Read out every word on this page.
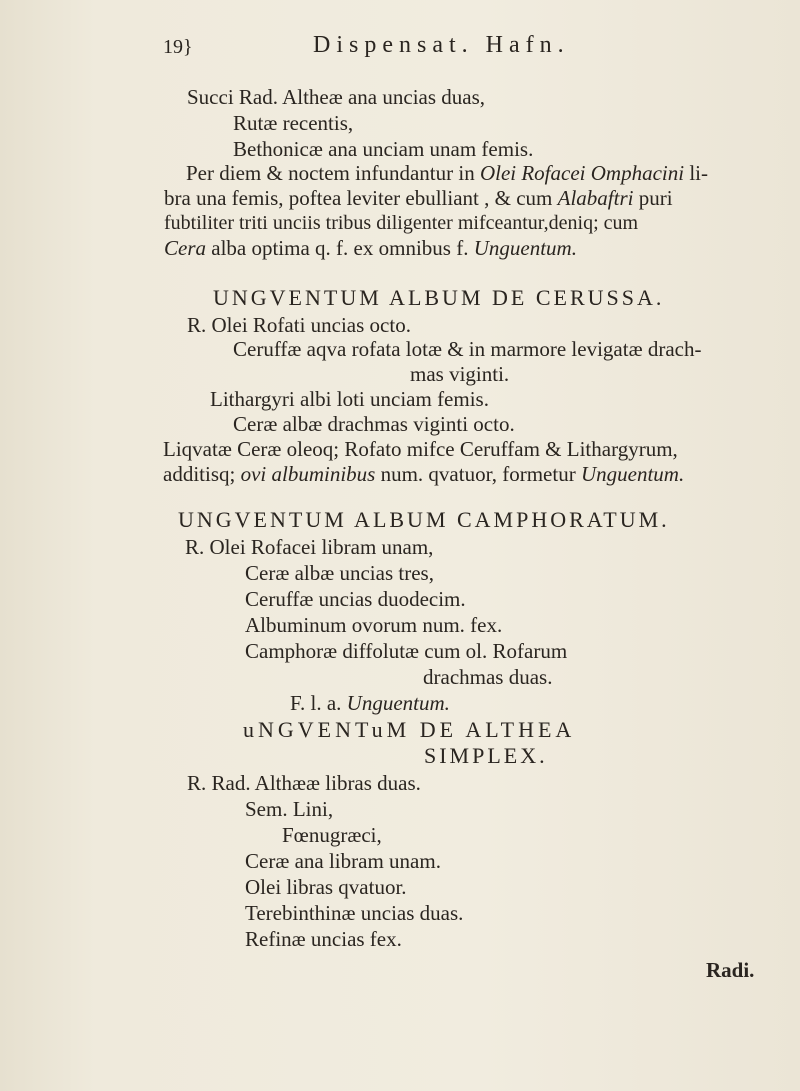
19}	Dispensat. Hafn.
Succi Rad. Altheæ ana uncias duas,
Rutæ recentis,
Bethonicæ ana unciam unam femis.
Per diem & noctem infundantur in Olei Rofacei Omphacini li-
bra una femis, poftea leviter ebulliant , & cum Alabaftri puri
fubtiliter triti unciis tribus diligenter mifceantur,deniq; cum
Cera alba optima q. f. ex omnibus f. Unguentum.
UNGVENTUM ALBUM DE CERUSSA.
R. Olei Rofati uncias octo.
Ceruffæ aqva rofata lotæ & in marmore levigatæ drach-
mas viginti.
Lithargyri albi loti unciam femis.
Ceræ albæ drachmas viginti octo.
Liqvatæ Ceræ oleoq; Rofato mifce Ceruffam & Lithargyrum,
additisq; ovi albuminibus num. qvatuor, formetur Unguentum.
UNGVENTUM ALBUM CAMPHORATUM.
R. Olei Rofacei libram unam,
Ceræ albæ uncias tres,
Ceruffæ uncias duodecim.
Albuminum ovorum num. fex.
Camphoræ diffolutæ cum ol. Rofarum
drachmas duas.
F. l. a. Unguentum.
uNGVENTuM DE ALTHEA
SIMPLEX.
R. Rad. Althææ libras duas.
Sem. Lini,
Fœnugræci,
Ceræ ana libram unam.
Olei libras qvatuor.
Terebinthinæ uncias duas.
Refinæ uncias fex.
Radi.
